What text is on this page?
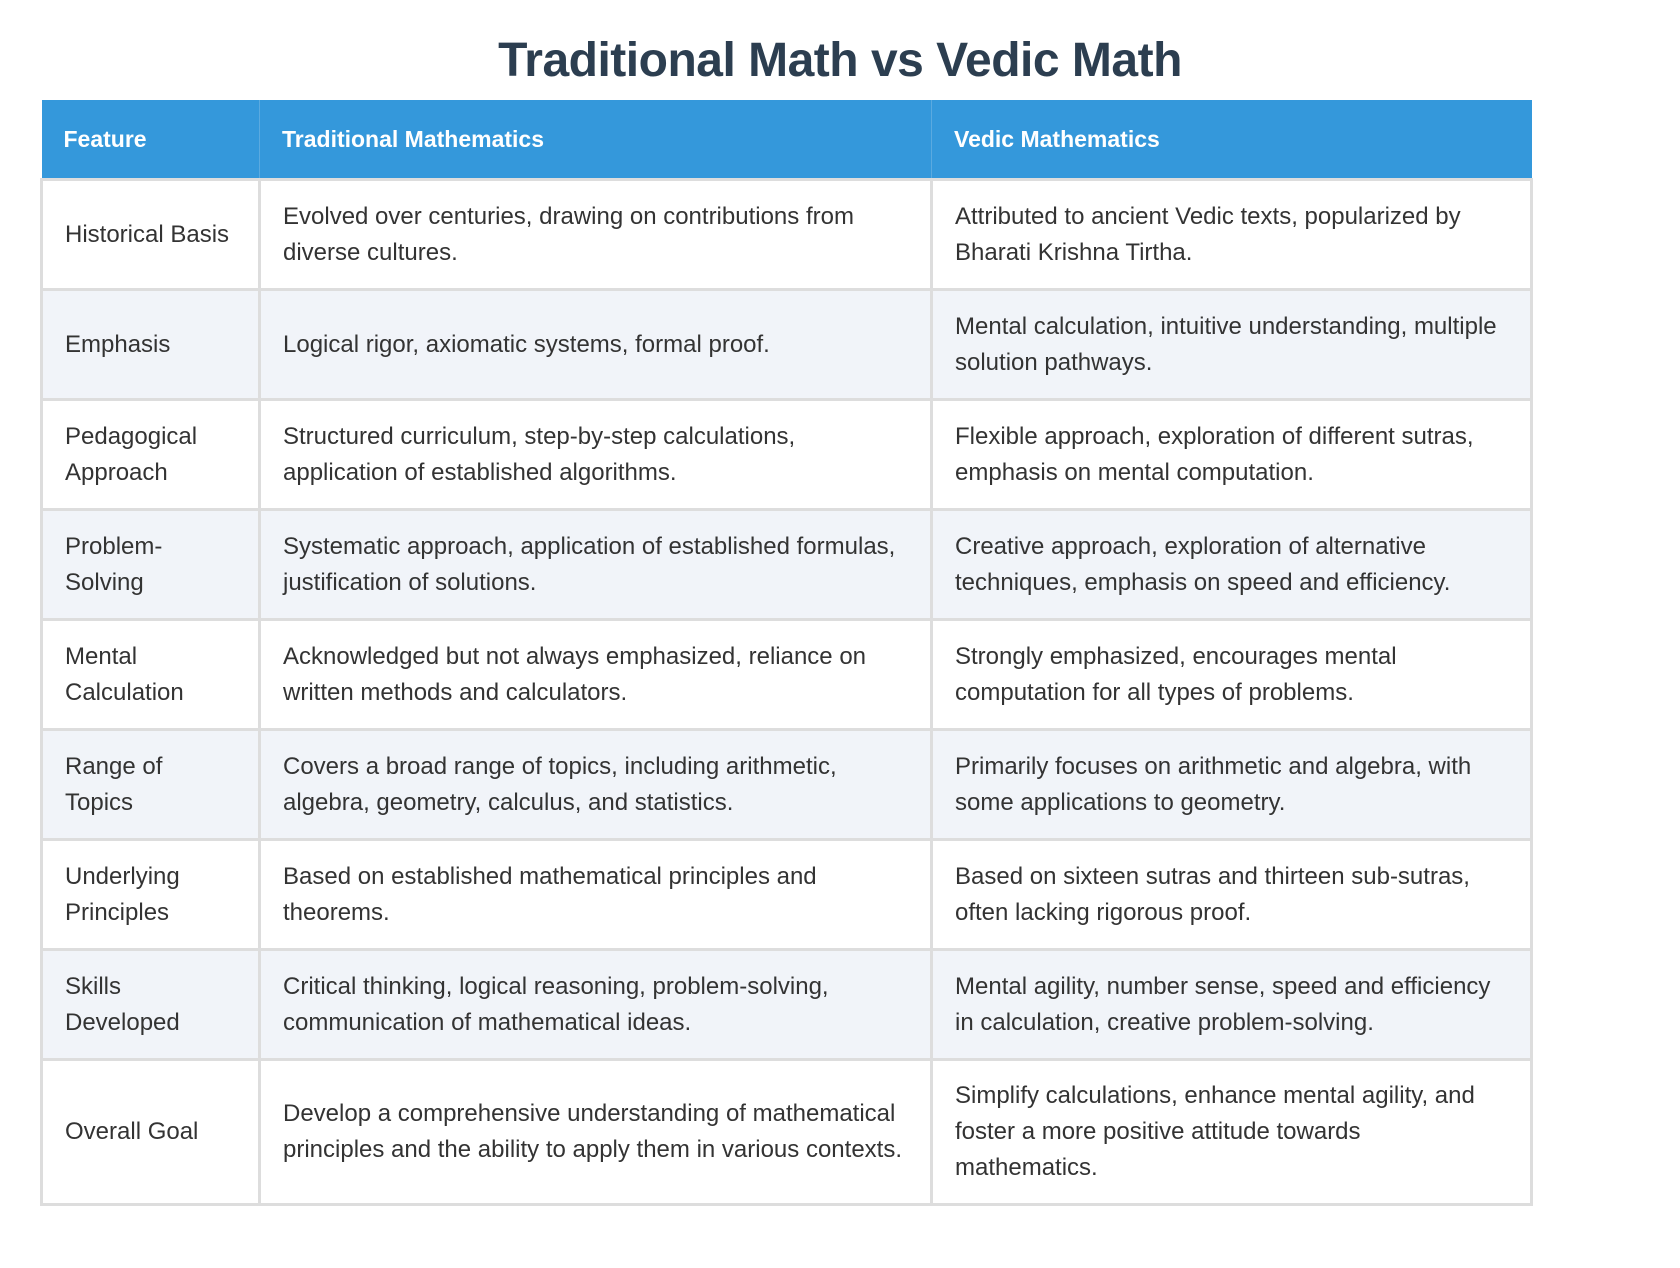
Traditional Math vs Vedic Math
Feature	Traditional Mathematics	Vedic Mathematics
Historical Basis	Evolved over centuries, drawing on contributions from diverse cultures.	Attributed to ancient Vedic texts, popularized by Bharati Krishna Tirtha.
Emphasis	Logical rigor, axiomatic systems, formal proof.	Mental calculation, intuitive understanding, multiple solution pathways.
Pedagogical Approach	Structured curriculum, step-by-step calculations, application of established algorithms.	Flexible approach, exploration of different sutras, emphasis on mental computation.
Problem-Solving	Systematic approach, application of established formulas, justification of solutions.	Creative approach, exploration of alternative techniques, emphasis on speed and efficiency.
Mental Calculation	Acknowledged but not always emphasized, reliance on written methods and calculators.	Strongly emphasized, encourages mental computation for all types of problems.
Range of Topics	Covers a broad range of topics, including arithmetic, algebra, geometry, calculus, and statistics.	Primarily focuses on arithmetic and algebra, with some applications to geometry.
Underlying Principles	Based on established mathematical principles and theorems.	Based on sixteen sutras and thirteen sub-sutras, often lacking rigorous proof.
Skills Developed	Critical thinking, logical reasoning, problem-solving, communication of mathematical ideas.	Mental agility, number sense, speed and efficiency in calculation, creative problem-solving.
Overall Goal	Develop a comprehensive understanding of mathematical principles and the ability to apply them in various contexts.	Simplify calculations, enhance mental agility, and foster a more positive attitude towards mathematics.
